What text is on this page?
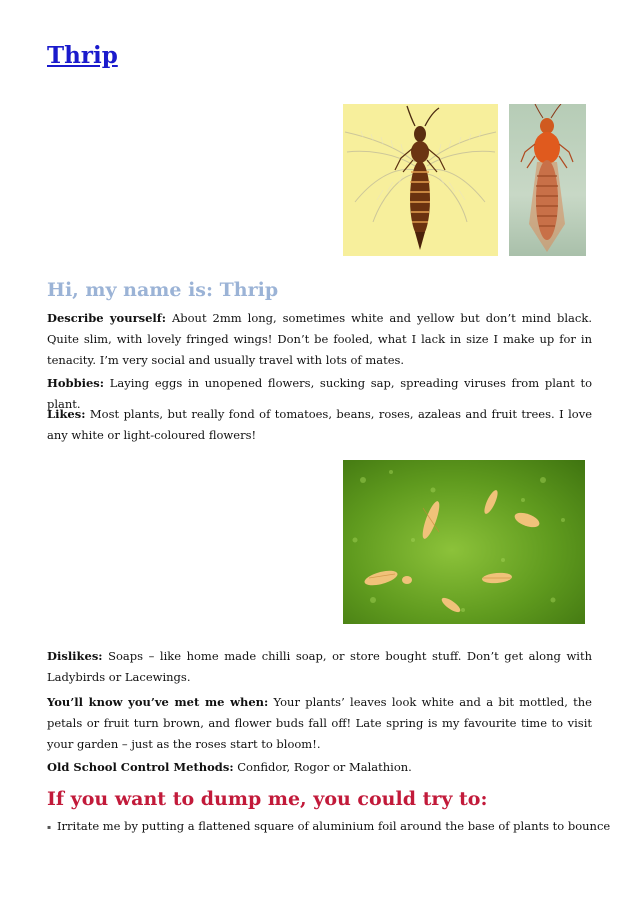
Thrip
Hi, my name is: Thrip
Describe yourself: About 2mm long, sometimes white and yellow but don’t mind black. Quite slim, with lovely fringed wings! Don’t be fooled, what I lack in size I make up for in tenacity. I’m very social and usually travel with lots of mates.
Hobbies: Laying eggs in unopened flowers, sucking sap, spreading viruses from plant to plant.
Likes: Most plants, but really fond of tomatoes, beans, roses, azaleas and fruit trees. I love any white or light-coloured flowers!
Dislikes: Soaps – like home made chilli soap, or store bought stuff. Don’t get along with Ladybirds or Lacewings.
You’ll know you’ve met me when: Your plants’ leaves look white and a bit mottled, the petals or fruit turn brown, and flower buds fall off! Late spring is my favourite time to visit your garden – just as the roses start to bloom!.
Old School Control Methods: Confidor, Rogor or Malathion.
If you want to dump me, you could try to:
▪ Irritate me by putting a flattened square of aluminium foil around the base of plants to bounce
